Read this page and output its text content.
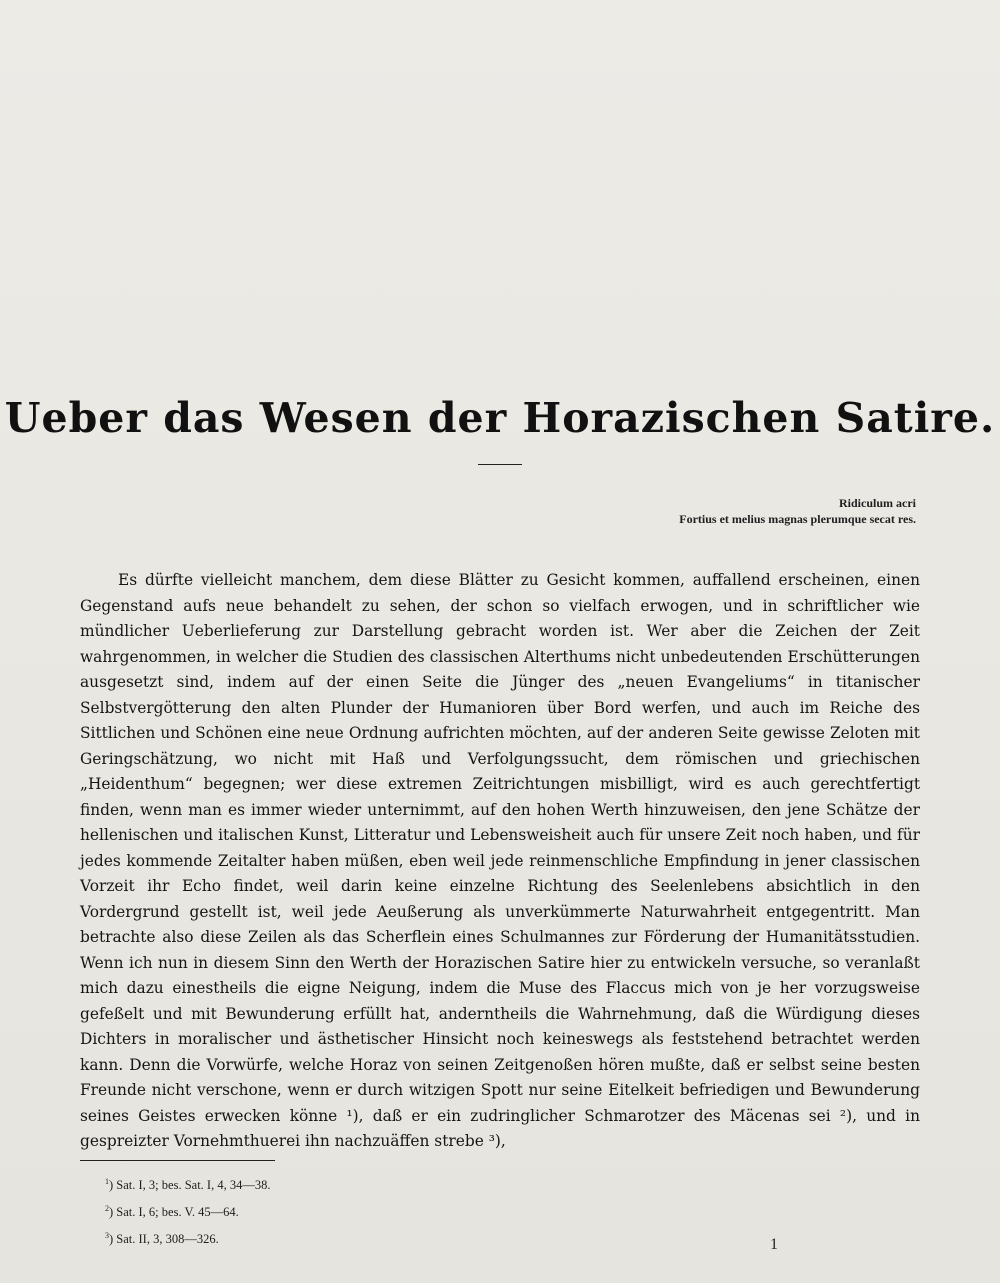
Ueber das Wesen der Horazischen Satire.
Ridiculum acri
Fortius et melius magnas plerumque secat res.

Es dürfte vielleicht manchem, dem diese Blätter zu Gesicht kommen, auffallend erscheinen, einen Gegenstand aufs neue behandelt zu sehen, der schon so vielfach erwogen, und in schriftlicher wie mündlicher Ueberlieferung zur Darstellung gebracht worden ist. Wer aber die Zeichen der Zeit wahrgenommen, in welcher die Studien des classischen Alterthums nicht unbedeutenden Erschütterungen ausgesetzt sind, indem auf der einen Seite die Jünger des „neuen Evangeliums“ in titanischer Selbstvergötterung den alten Plunder der Humanioren über Bord werfen, und auch im Reiche des Sittlichen und Schönen eine neue Ordnung aufrichten möchten, auf der anderen Seite gewisse Zeloten mit Geringschätzung, wo nicht mit Haß und Verfolgungssucht, dem römischen und griechischen „Heidenthum“ begegnen; wer diese extremen Zeitrichtungen misbilligt, wird es auch gerechtfertigt finden, wenn man es immer wieder unternimmt, auf den hohen Werth hinzuweisen, den jene Schätze der hellenischen und italischen Kunst, Litteratur und Lebensweisheit auch für unsere Zeit noch haben, und für jedes kommende Zeitalter haben müßen, eben weil jede reinmenschliche Empfindung in jener classischen Vorzeit ihr Echo findet, weil darin keine einzelne Richtung des Seelenlebens absichtlich in den Vordergrund gestellt ist, weil jede Aeußerung als unverkümmerte Naturwahrheit entgegentritt. Man betrachte also diese Zeilen als das Scherflein eines Schulmannes zur Förderung der Humanitätsstudien. Wenn ich nun in diesem Sinn den Werth der Horazischen Satire hier zu entwickeln versuche, so veranlaßt mich dazu einestheils die eigne Neigung, indem die Muse des Flaccus mich von je her vorzugsweise gefeßelt und mit Bewunderung erfüllt hat, anderntheils die Wahrnehmung, daß die Würdigung dieses Dichters in moralischer und ästhetischer Hinsicht noch keineswegs als feststehend betrachtet werden kann. Denn die Vorwürfe, welche Horaz von seinen Zeitgenoßen hören mußte, daß er selbst seine besten Freunde nicht verschone, wenn er durch witzigen Spott nur seine Eitelkeit befriedigen und Bewunderung seines Geistes erwecken könne ¹), daß er ein zudringlicher Schmarotzer des Mäcenas sei ²), und in gespreizter Vornehmthuerei ihn nachzuäffen strebe ³),

$^1$) Sat. I, 3; bes. Sat. I, 4, 34—38.
$^2$) Sat. I, 6; bes. V. 45—64.
$^3$) Sat. II, 3, 308—326.	1
